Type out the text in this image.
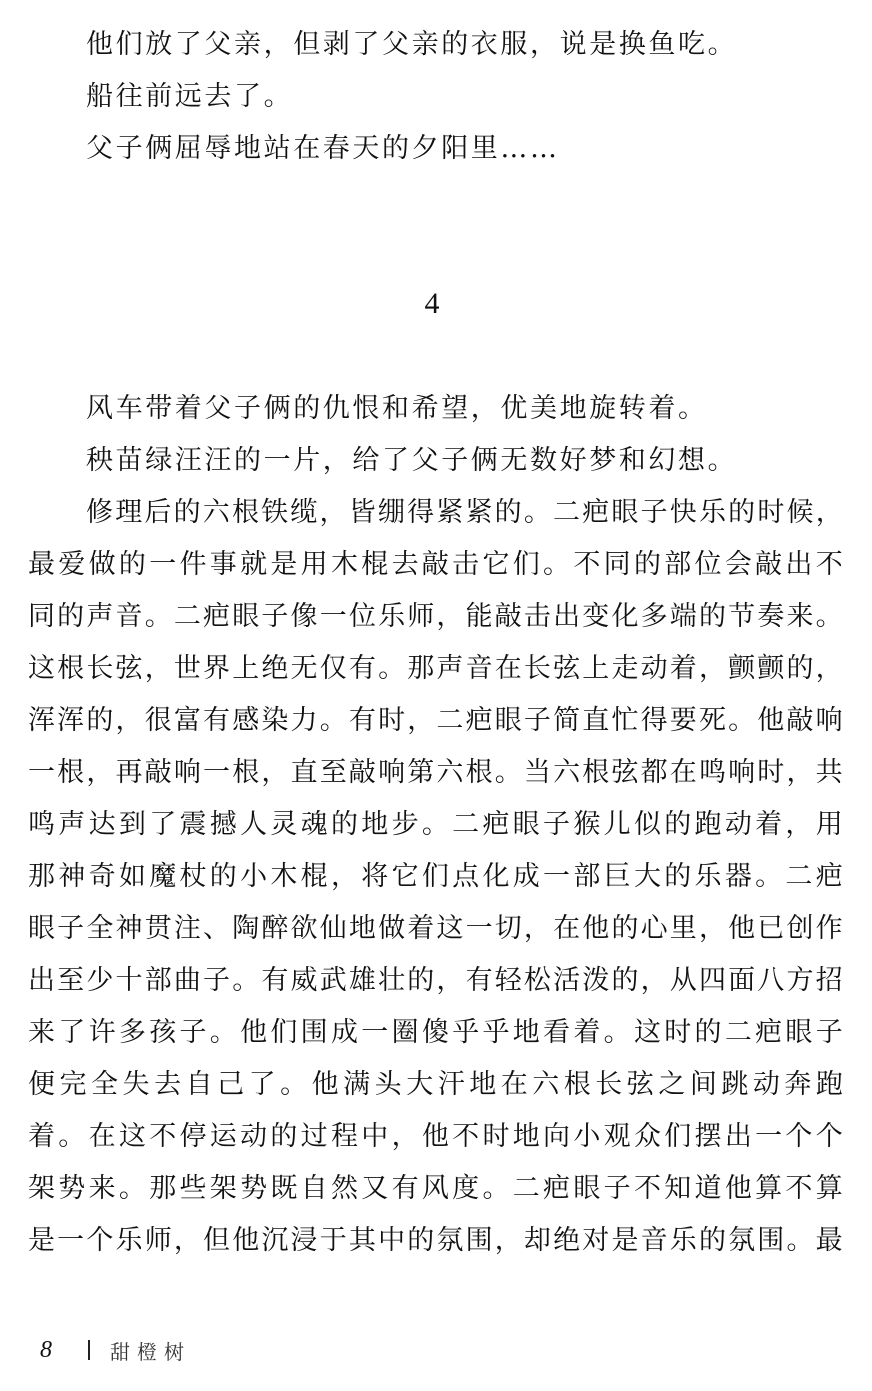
他们放了父亲，但剥了父亲的衣服，说是换鱼吃。
船往前远去了。
父子俩屈辱地站在春天的夕阳里……
4
风车带着父子俩的仇恨和希望，优美地旋转着。
秧苗绿汪汪的一片，给了父子俩无数好梦和幻想。
修 理 后 的 六 根 铁 缆 ， 皆 绷 得 紧 紧 的 。 二 疤 眼 子 快 乐 的 时 候 ，
最 爱 做 的 一 件 事 就 是 用 木 棍 去 敲 击 它 们 。 不 同 的 部 位 会 敲 出 不
同 的 声 音 。 二 疤 眼 子 像 一 位 乐 师 ， 能 敲 击 出 变 化 多 端 的 节 奏 来 。
这 根 长 弦 ， 世 界 上 绝 无 仅 有 。 那 声 音 在 长 弦 上 走 动 着 ， 颤 颤 的 ，
浑 浑 的 ， 很 富 有 感 染 力 。 有 时 ， 二 疤 眼 子 简 直 忙 得 要 死 。 他 敲 响
一 根 ， 再 敲 响 一 根 ， 直 至 敲 响 第 六 根 。 当 六 根 弦 都 在 鸣 响 时 ， 共
鸣 声 达 到 了 震 撼 人 灵 魂 的 地 步 。 二 疤 眼 子 猴 儿 似 的 跑 动 着 ， 用
那 神 奇 如 魔 杖 的 小 木 棍 ， 将 它 们 点 化 成 一 部 巨 大 的 乐 器 。 二 疤
眼 子 全 神 贯 注 、 陶 醉 欲 仙 地 做 着 这 一 切 ， 在 他 的 心 里 ， 他 已 创 作
出 至 少 十 部 曲 子 。 有 威 武 雄 壮 的 ， 有 轻 松 活 泼 的 ， 从 四 面 八 方 招
来 了 许 多 孩 子 。 他 们 围 成 一 圈 傻 乎 乎 地 看 着 。 这 时 的 二 疤 眼 子
便 完 全 失 去 自 己 了 。 他 满 头 大 汗 地 在 六 根 长 弦 之 间 跳 动 奔 跑
着 。 在 这 不 停 运 动 的 过 程 中 ， 他 不 时 地 向 小 观 众 们 摆 出 一 个 个
架 势 来 。 那 些 架 势 既 自 然 又 有 风 度 。 二 疤 眼 子 不 知 道 他 算 不 算
是 一 个 乐 师 ， 但 他 沉 浸 于 其 中 的 氛 围 ， 却 绝 对 是 音 乐 的 氛 围 。 最
8	甜橙树
